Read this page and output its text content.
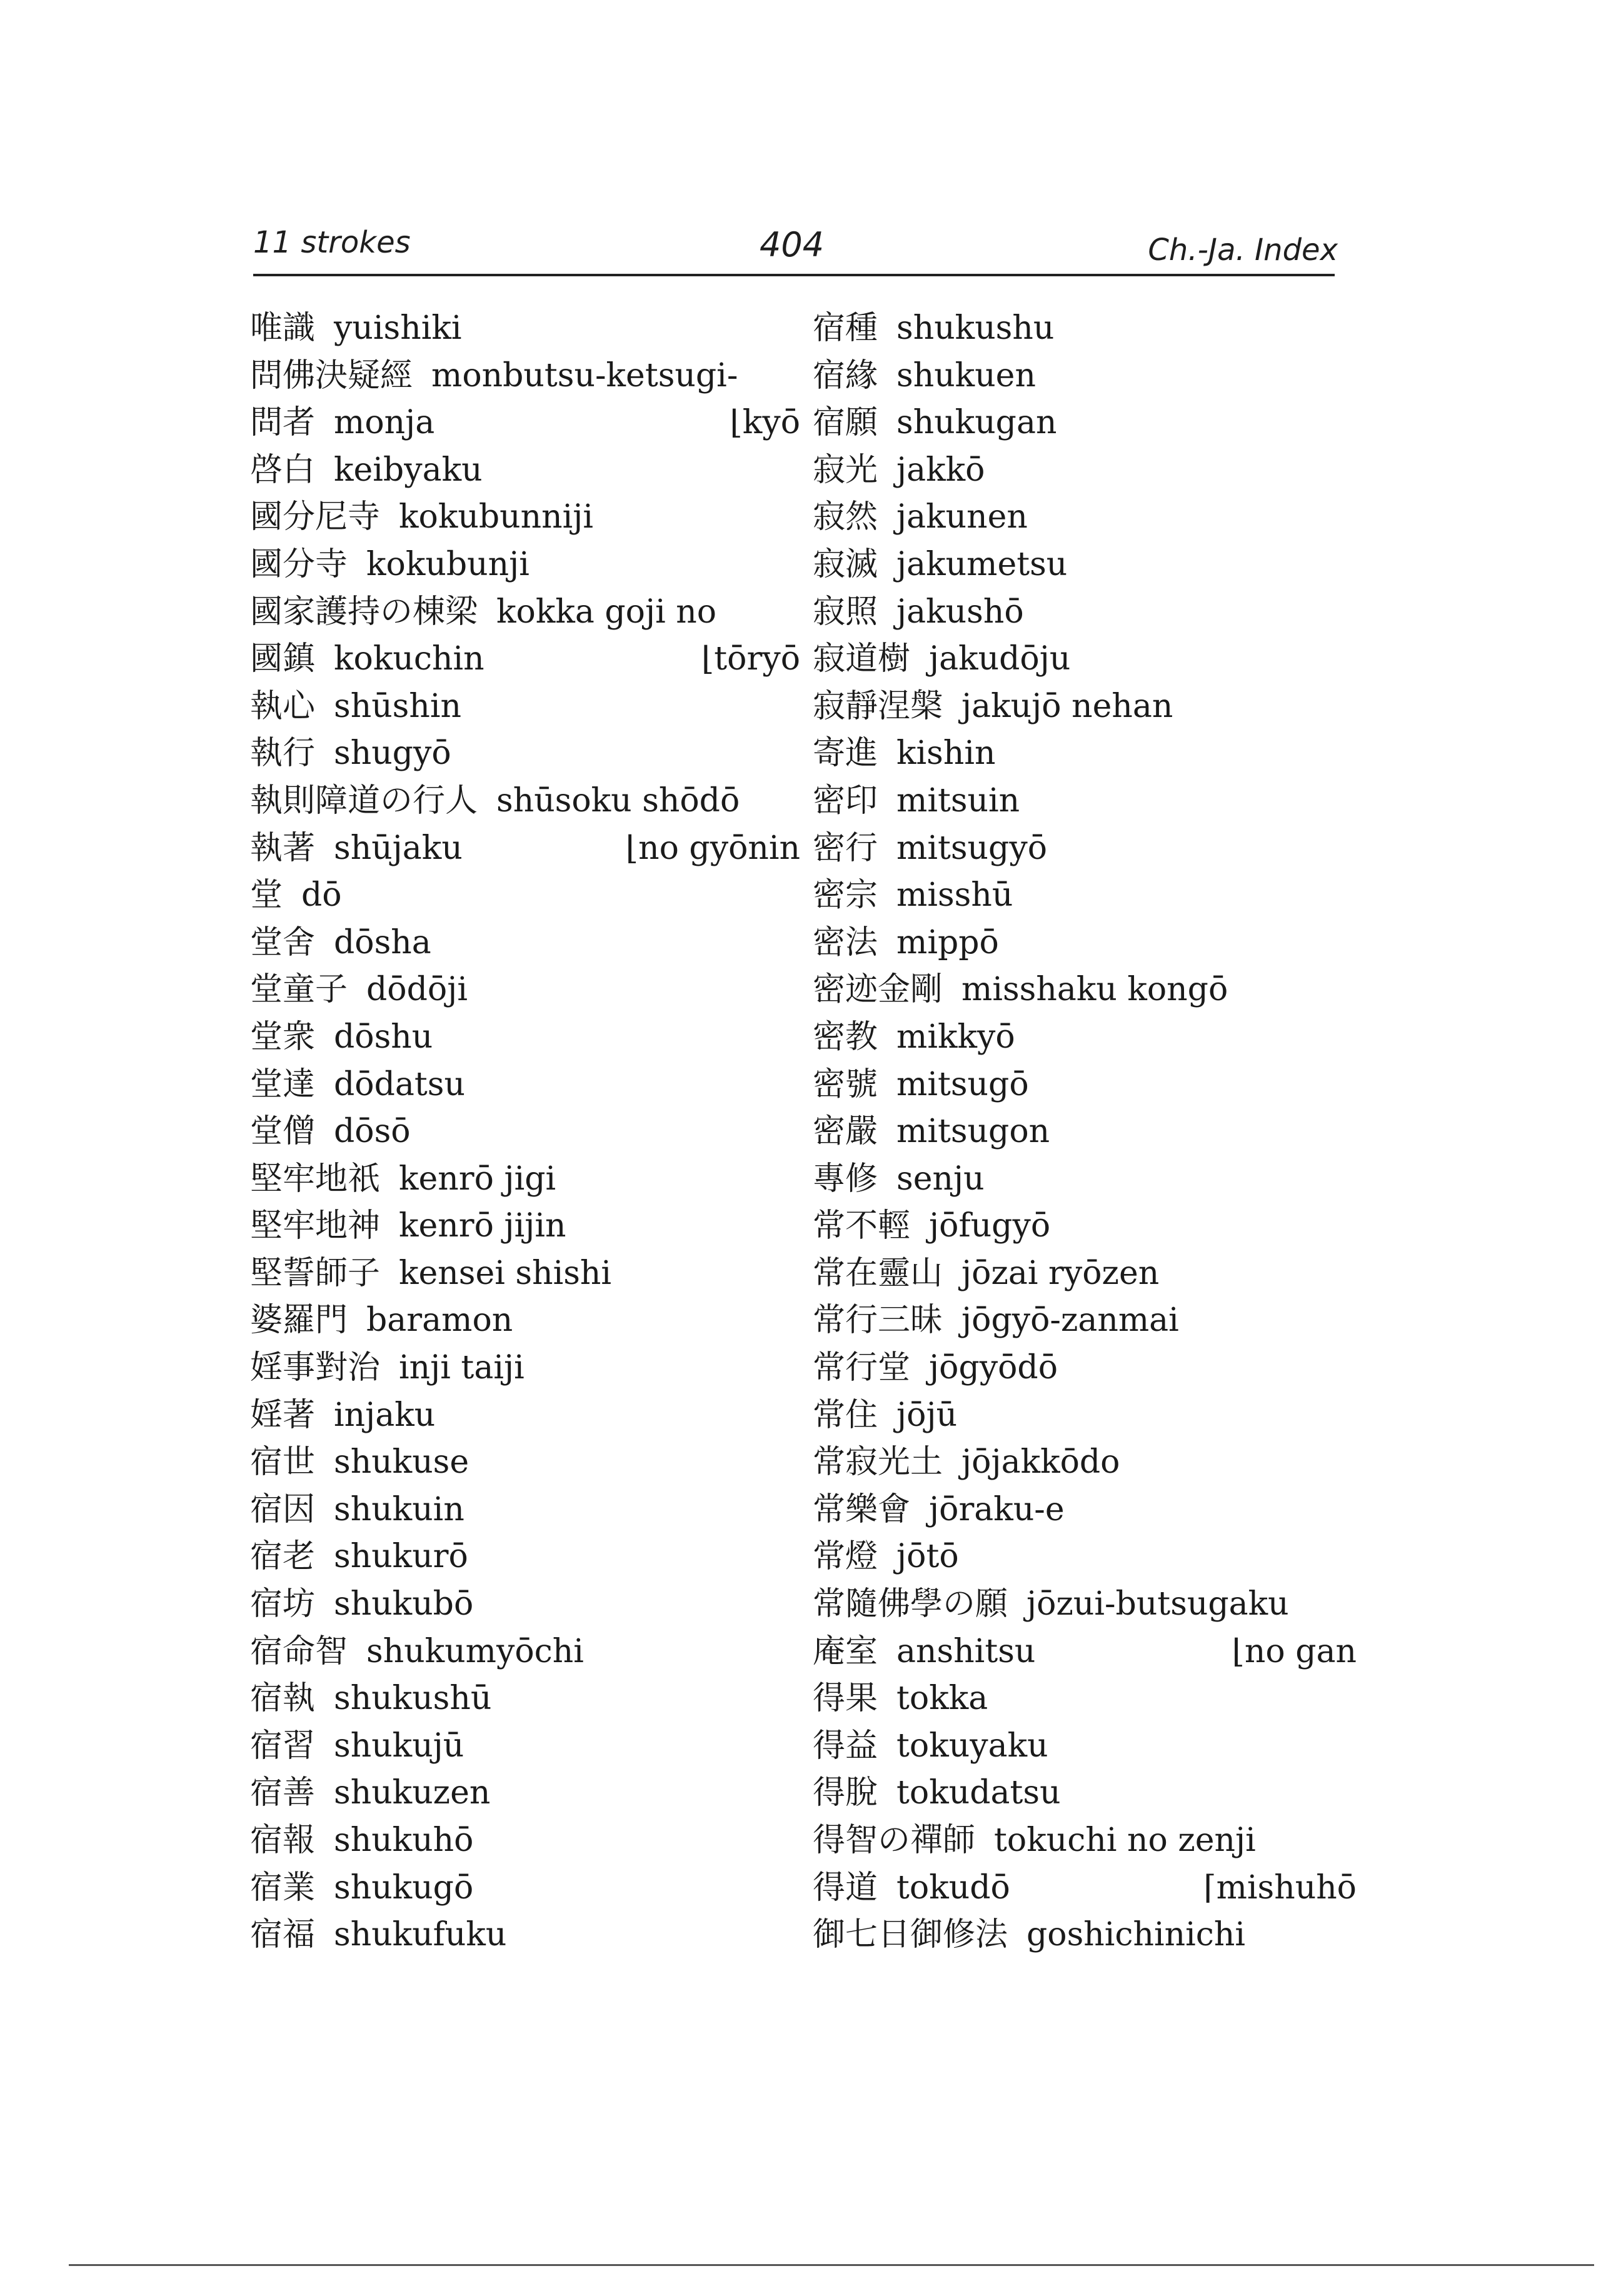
11 strokes	404	Ch.-Ja. Index
唯識 yuishiki
問佛決疑經 monbutsu-ketsugi-
問者 monja	⌊kyō
啓白 keibyaku
國分尼寺 kokubunniji
國分寺 kokubunji
國家護持の棟梁 kokka goji no
國鎮 kokuchin	⌊tōryō
執心 shūshin
執行 shugyō
執則障道の行人 shūsoku shōdō
執著 shūjaku	⌊no gyōnin
堂 dō
堂舍 dōsha
堂童子 dōdōji
堂衆 dōshu
堂達 dōdatsu
堂僧 dōsō
堅牢地祇 kenrō jigi
堅牢地神 kenrō jijin
堅誓師子 kensei shishi
婆羅門 baramon
婬事對治 inji taiji
婬著 injaku
宿世 shukuse
宿因 shukuin
宿老 shukurō
宿坊 shukubō
宿命智 shukumyōchi
宿執 shukushū
宿習 shukujū
宿善 shukuzen
宿報 shukuhō
宿業 shukugō
宿福 shukufuku
宿種 shukushu
宿緣 shukuen
宿願 shukugan
寂光 jakkō
寂然 jakunen
寂滅 jakumetsu
寂照 jakushō
寂道樹 jakudōju
寂靜涅槃 jakujō nehan
寄進 kishin
密印 mitsuin
密行 mitsugyō
密宗 misshū
密法 mippō
密迹金剛 misshaku kongō
密教 mikkyō
密號 mitsugō
密嚴 mitsugon
專修 senju
常不輕 jōfugyō
常在靈山 jōzai ryōzen
常行三昧 jōgyō-zanmai
常行堂 jōgyōdō
常住 jōjū
常寂光土 jōjakkōdo
常樂會 jōraku-e
常燈 jōtō
常隨佛學の願 jōzui-butsugaku
庵室 anshitsu	⌊no gan
得果 tokka
得益 tokuyaku
得脫 tokudatsu
得智の禪師 tokuchi no zenji
得道 tokudō	⌈mishuhō
御七日御修法 goshichinichi
